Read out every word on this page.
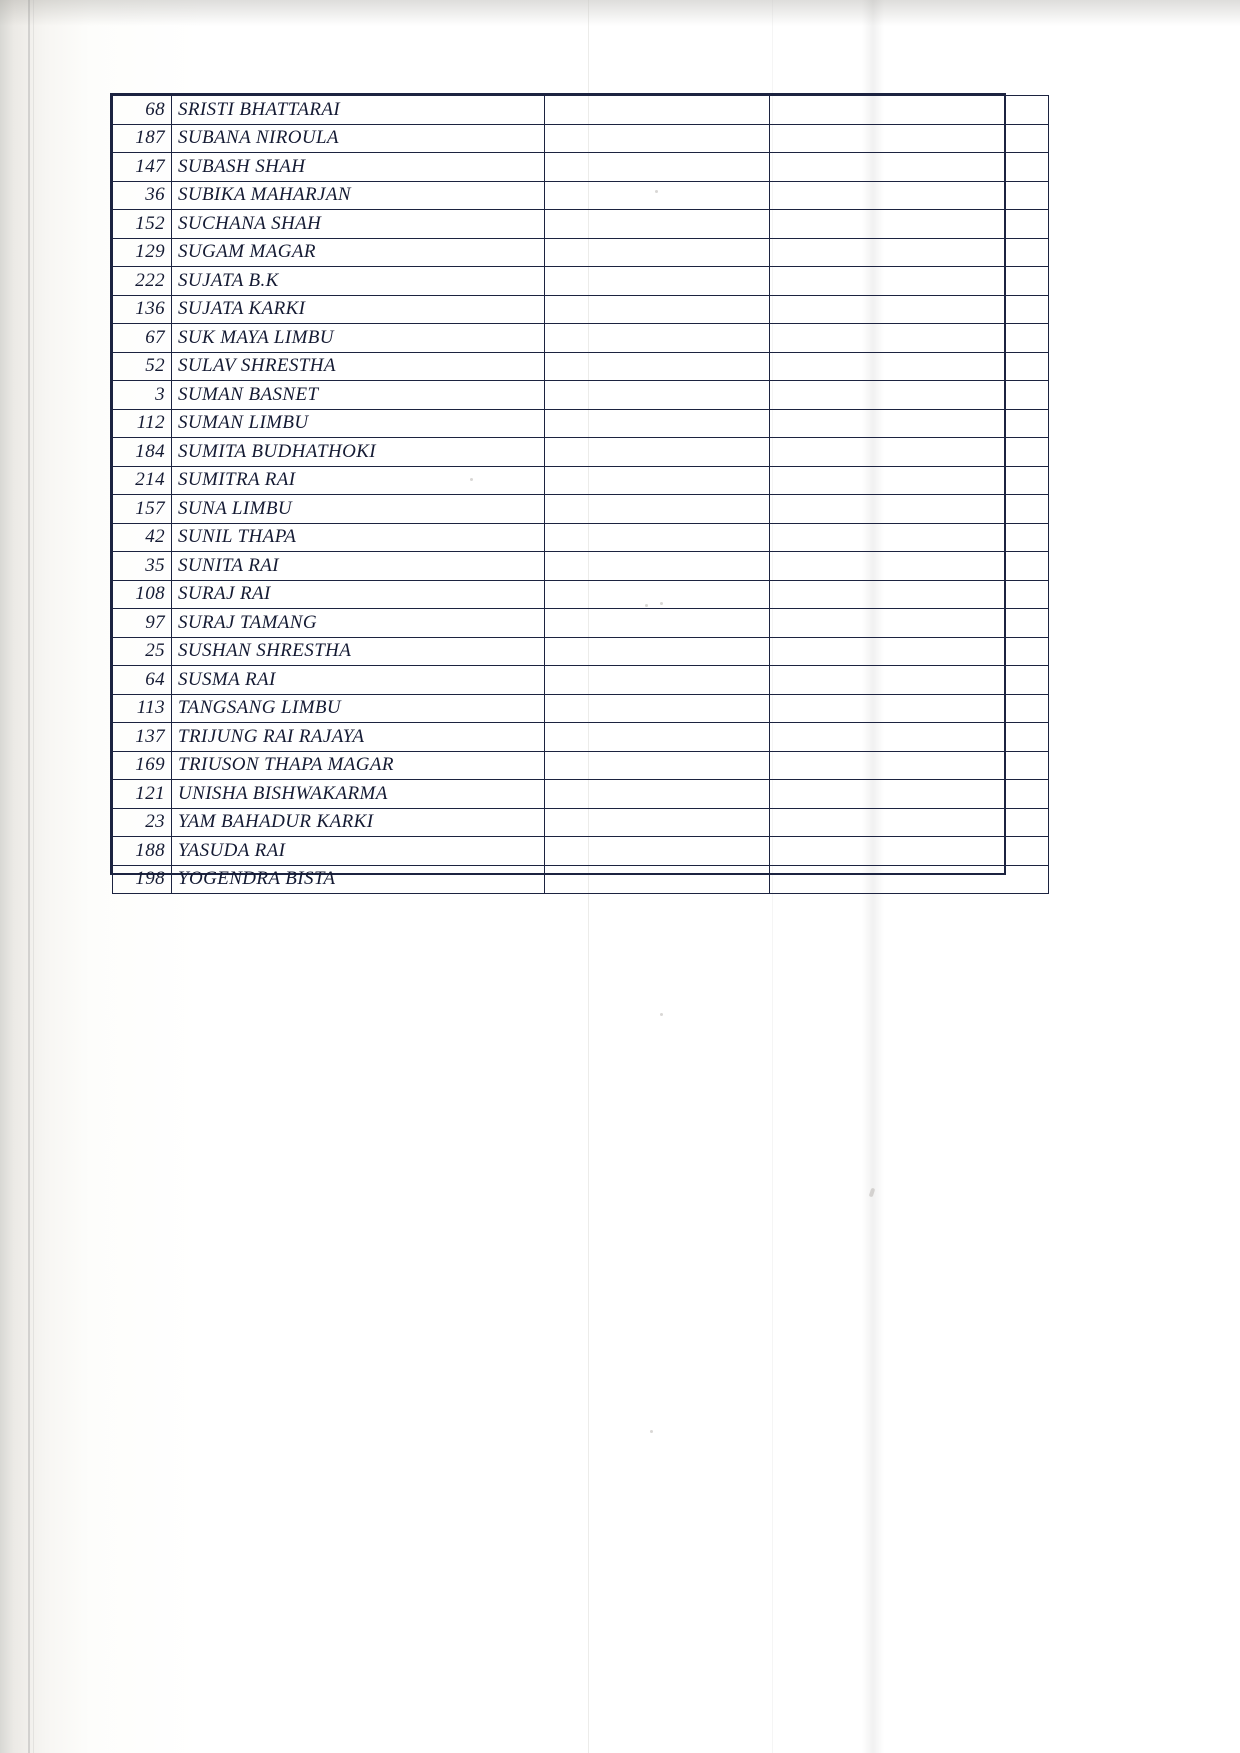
68	SRISTI BHATTARAI		
187	SUBANA NIROULA		
147	SUBASH SHAH		
36	SUBIKA MAHARJAN		
152	SUCHANA SHAH		
129	SUGAM MAGAR		
222	SUJATA B.K		
136	SUJATA KARKI		
67	SUK MAYA LIMBU		
52	SULAV SHRESTHA		
3	SUMAN BASNET		
112	SUMAN LIMBU		
184	SUMITA BUDHATHOKI		
214	SUMITRA RAI		
157	SUNA LIMBU		
42	SUNIL THAPA		
35	SUNITA RAI		
108	SURAJ RAI		
97	SURAJ TAMANG		
25	SUSHAN SHRESTHA		
64	SUSMA RAI		
113	TANGSANG LIMBU		
137	TRIJUNG RAI RAJAYA		
169	TRIUSON THAPA MAGAR		
121	UNISHA BISHWAKARMA		
23	YAM BAHADUR KARKI		
188	YASUDA RAI		
198	YOGENDRA BISTA		
